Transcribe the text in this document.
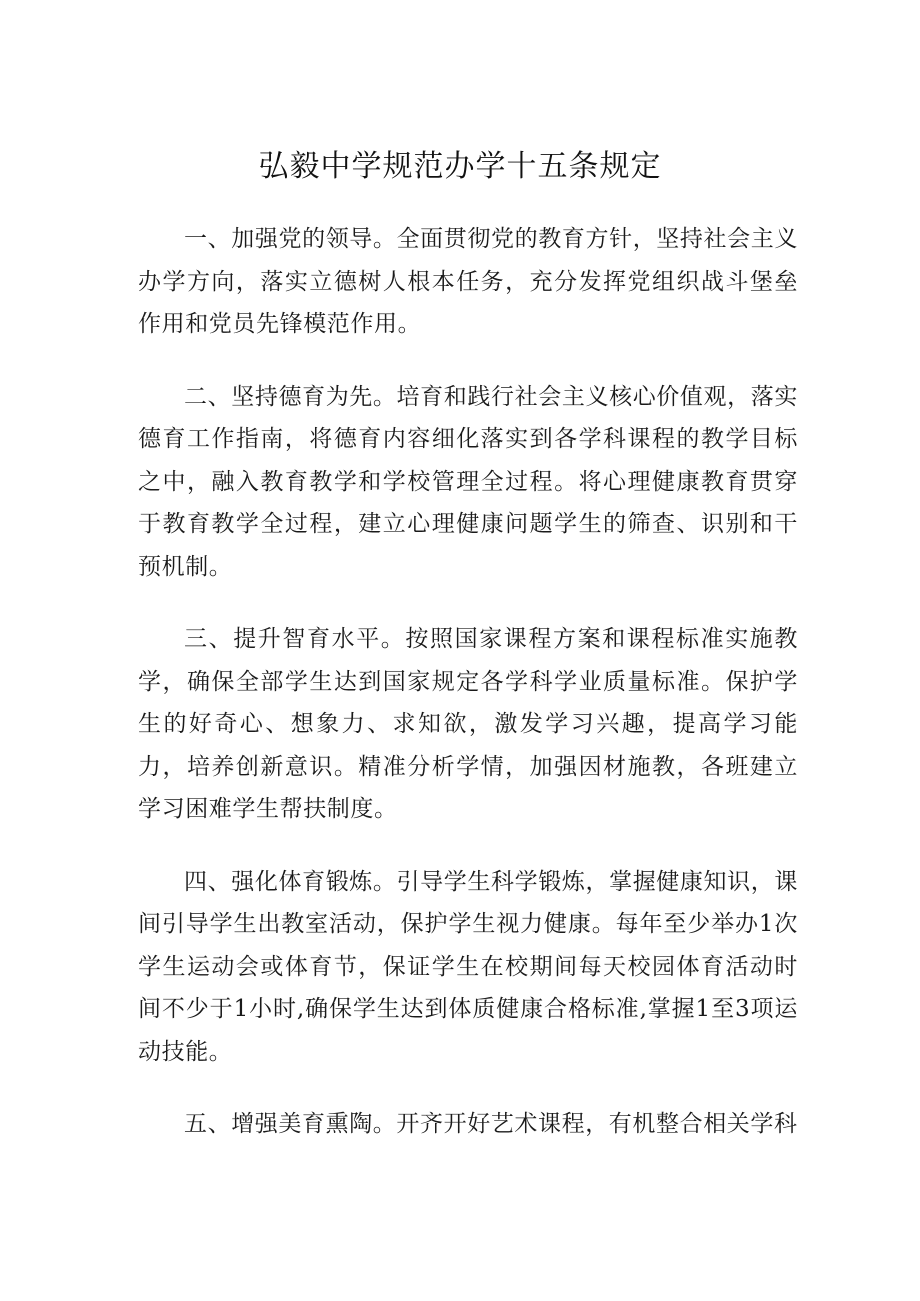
弘毅中学规范办学十五条规定

一、加强党的领导。全面贯彻党的教育方针，坚持社会主义办学方向，落实立德树人根本任务，充分发挥党组织战斗堡垒作用和党员先锋模范作用。

二、坚持德育为先。培育和践行社会主义核心价值观，落实德育工作指南，将德育内容细化落实到各学科课程的教学目标之中，融入教育教学和学校管理全过程。将心理健康教育贯穿于教育教学全过程，建立心理健康问题学生的筛查、识别和干预机制。

三、提升智育水平。按照国家课程方案和课程标准实施教学，确保全部学生达到国家规定各学科学业质量标准。保护学生的好奇心、想象力、求知欲，激发学习兴趣，提高学习能力，培养创新意识。精准分析学情，加强因材施教，各班建立学习困难学生帮扶制度。

四、强化体育锻炼。引导学生科学锻炼，掌握健康知识，课间引导学生出教室活动，保护学生视力健康。每年至少举办1次学生运动会或体育节，保证学生在校期间每天校园体育活动时间不少于1小时,确保学生达到体质健康合格标准,掌握1至3项运动技能。

五、增强美育熏陶。开齐开好艺术课程，有机整合相关学科
